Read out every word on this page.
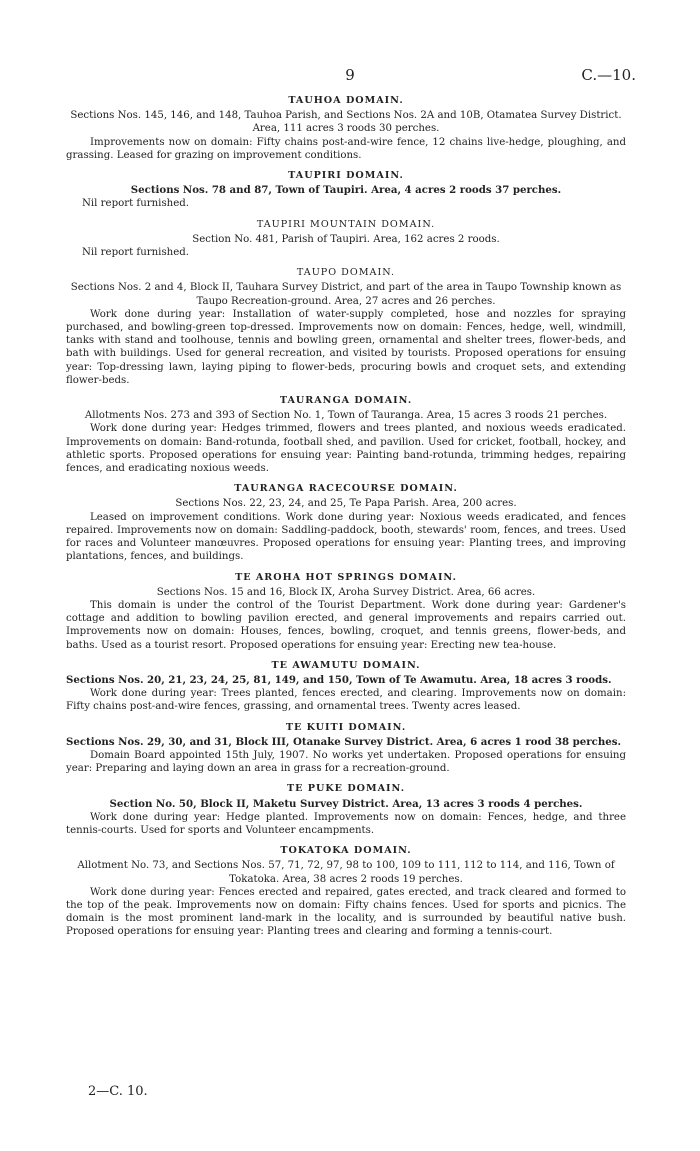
9	C.—10.
TAUHOA DOMAIN.
Sections Nos. 145, 146, and 148, Tauhoa Parish, and Sections Nos. 2A and 10B, Otamatea Survey District. Area, 111 acres 3 roods 30 perches.

Improvements now on domain: Fifty chains post-and-wire fence, 12 chains live-hedge, ploughing, and grassing. Leased for grazing on improvement conditions.

TAUPIRI DOMAIN.
Sections Nos. 78 and 87, Town of Taupiri. Area, 4 acres 2 roods 37 perches.

Nil report furnished.

TAUPIRI MOUNTAIN DOMAIN.
Section No. 481, Parish of Taupiri. Area, 162 acres 2 roods.

Nil report furnished.

TAUPO DOMAIN.
Sections Nos. 2 and 4, Block II, Tauhara Survey District, and part of the area in Taupo Township known as Taupo Recreation-ground. Area, 27 acres and 26 perches.

Work done during year: Installation of water-supply completed, hose and nozzles for spraying purchased, and bowling-green top-dressed. Improvements now on domain: Fences, hedge, well, windmill, tanks with stand and toolhouse, tennis and bowling green, ornamental and shelter trees, flower-beds, and bath with buildings. Used for general recreation, and visited by tourists. Proposed operations for ensuing year: Top-dressing lawn, laying piping to flower-beds, procuring bowls and croquet sets, and extending flower-beds.

TAURANGA DOMAIN.
Allotments Nos. 273 and 393 of Section No. 1, Town of Tauranga. Area, 15 acres 3 roods 21 perches.

Work done during year: Hedges trimmed, flowers and trees planted, and noxious weeds eradicated. Improvements on domain: Band-rotunda, football shed, and pavilion. Used for cricket, football, hockey, and athletic sports. Proposed operations for ensuing year: Painting band-rotunda, trimming hedges, repairing fences, and eradicating noxious weeds.

TAURANGA RACECOURSE DOMAIN.
Sections Nos. 22, 23, 24, and 25, Te Papa Parish. Area, 200 acres.

Leased on improvement conditions. Work done during year: Noxious weeds eradicated, and fences repaired. Improvements now on domain: Saddling-paddock, booth, stewards' room, fences, and trees. Used for races and Volunteer manœuvres. Proposed operations for ensuing year: Planting trees, and improving plantations, fences, and buildings.

TE AROHA HOT SPRINGS DOMAIN.
Sections Nos. 15 and 16, Block IX, Aroha Survey District. Area, 66 acres.

This domain is under the control of the Tourist Department. Work done during year: Gardener's cottage and addition to bowling pavilion erected, and general improvements and repairs carried out. Improvements now on domain: Houses, fences, bowling, croquet, and tennis greens, flower-beds, and baths. Used as a tourist resort. Proposed operations for ensuing year: Erecting new tea-house.

TE AWAMUTU DOMAIN.
Sections Nos. 20, 21, 23, 24, 25, 81, 149, and 150, Town of Te Awamutu. Area, 18 acres 3 roods.

Work done during year: Trees planted, fences erected, and clearing. Improvements now on domain: Fifty chains post-and-wire fences, grassing, and ornamental trees. Twenty acres leased.

TE KUITI DOMAIN.
Sections Nos. 29, 30, and 31, Block III, Otanake Survey District. Area, 6 acres 1 rood 38 perches.

Domain Board appointed 15th July, 1907. No works yet undertaken. Proposed operations for ensuing year: Preparing and laying down an area in grass for a recreation-ground.

TE PUKE DOMAIN.
Section No. 50, Block II, Maketu Survey District. Area, 13 acres 3 roods 4 perches.

Work done during year: Hedge planted. Improvements now on domain: Fences, hedge, and three tennis-courts. Used for sports and Volunteer encampments.

TOKATOKA DOMAIN.
Allotment No. 73, and Sections Nos. 57, 71, 72, 97, 98 to 100, 109 to 111, 112 to 114, and 116, Town of Tokatoka. Area, 38 acres 2 roods 19 perches.

Work done during year: Fences erected and repaired, gates erected, and track cleared and formed to the top of the peak. Improvements now on domain: Fifty chains fences. Used for sports and picnics. The domain is the most prominent land-mark in the locality, and is surrounded by beautiful native bush. Proposed operations for ensuing year: Planting trees and clearing and forming a tennis-court.

2—C. 10.
